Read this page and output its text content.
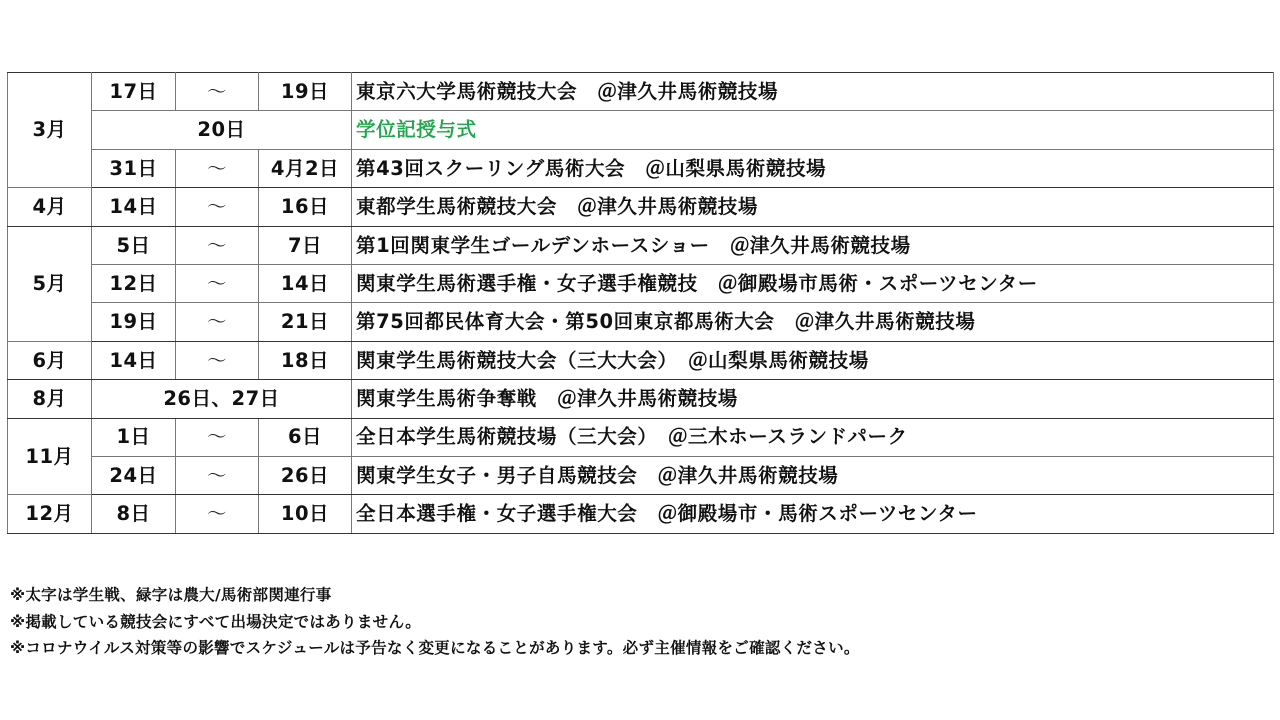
3月	17日	～	19日	東京六大学馬術競技大会　＠津久井馬術競技場
	20日			学位記授与式
	31日	～	4月2日	第43回スクーリング馬術大会　＠山梨県馬術競技場
4月	14日	～	16日	東都学生馬術競技大会　＠津久井馬術競技場
5月	5日	～	7日	第1回関東学生ゴールデンホースショー　＠津久井馬術競技場
	12日	～	14日	関東学生馬術選手権・女子選手権競技　＠御殿場市馬術・スポーツセンター
	19日	～	21日	第75回都民体育大会・第50回東京都馬術大会　＠津久井馬術競技場
6月	14日	～	18日	関東学生馬術競技大会（三大大会）　＠山梨県馬術競技場
8月	26日、27日			関東学生馬術争奪戦　＠津久井馬術競技場
11月	1日	～	6日	全日本学生馬術競技場（三大会）　＠三木ホースランドパーク
	24日	～	26日	関東学生女子・男子自馬競技会　＠津久井馬術競技場
12月	8日	～	10日	全日本選手権・女子選手権大会　＠御殿場市・馬術スポーツセンター
※太字は学生戦、緑字は農大/馬術部関連行事
※掲載している競技会にすべて出場決定ではありません。
※コロナウイルス対策等の影響でスケジュールは予告なく変更になることがあります。必ず主催情報をご確認ください。
